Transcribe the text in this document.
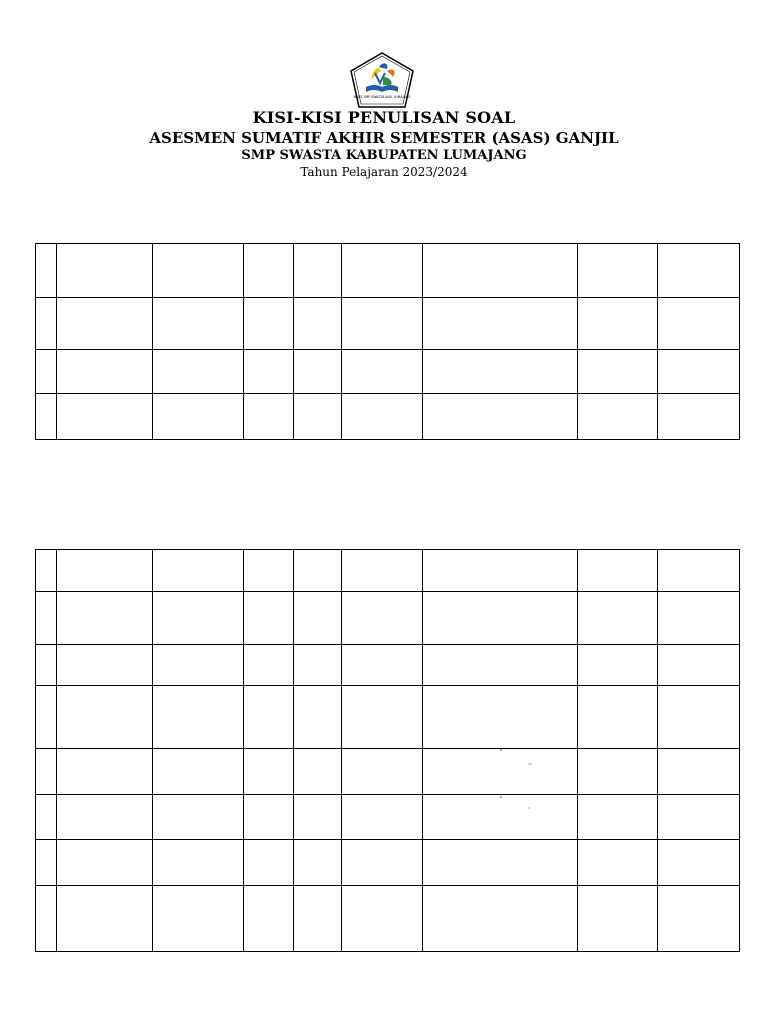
MKKS SMP SWASTA KAB. LUMAJANG
KISI-KISI PENULISAN SOAL
ASESMEN SUMATIF AKHIR SEMESTER (ASAS) GANJIL
SMP SWASTA KABUPATEN LUMAJANG
Tahun Pelajaran 2023/2024
